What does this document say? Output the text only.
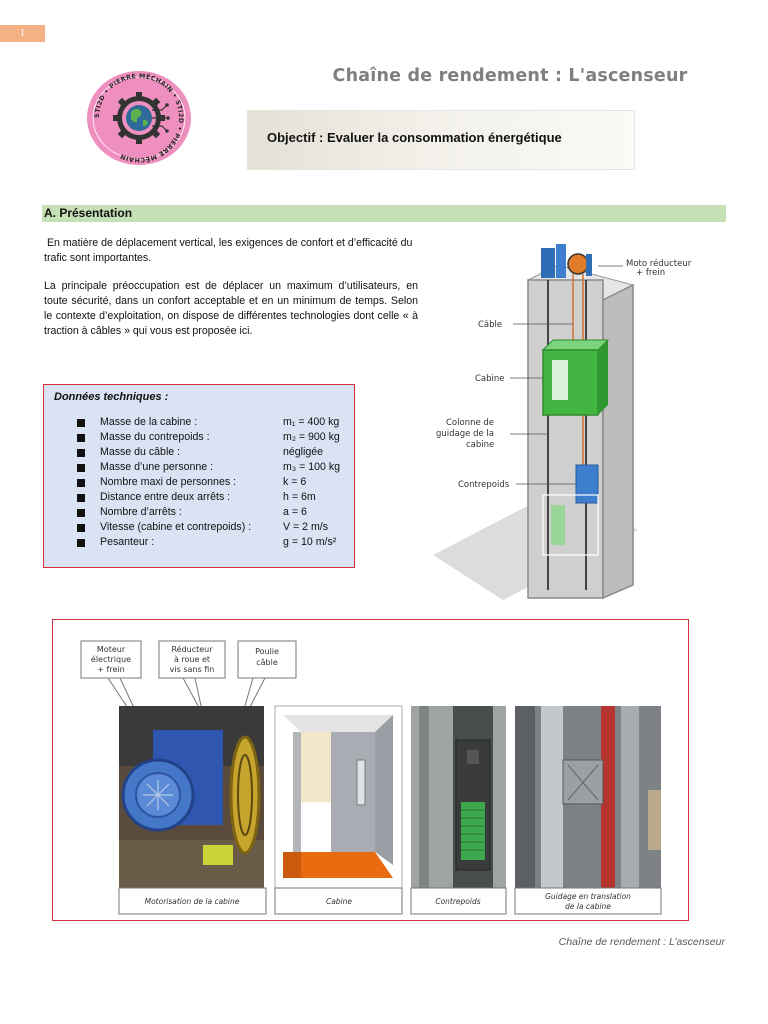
1
STI2D • PIERRE MÉCHAIN • STI2D • PIERRE MÉCHAIN
Chaîne de rendement : L'ascenseur
Objectif : Evaluer la consommation énergétique
A. Présentation
En matière de déplacement vertical, les exigences de confort et d’efficacité du trafic sont importantes.
La principale préoccupation est de déplacer un maximum d’utilisateurs, en toute sécurité, dans un confort acceptable et en un minimum de temps. Selon le contexte d’exploitation, on dispose de différentes technologies dont celle « à traction à câbles » qui vous est proposée ici.
Données techniques :
Masse de la cabine :	m₁ = 400 kg
Masse du contrepoids :	m₂ = 900 kg
Masse du câble :	négligée
Masse d’une personne :	m₃ = 100 kg
Nombre maxi de personnes :	k = 6
Distance entre deux arrêts :	h = 6m
Nombre d’arrêts :	a = 6
Vitesse (cabine et contrepoids) :	V = 2 m/s
Pesanteur :	g = 10 m/s²
Moto réducteur
+ frein
Câble
Cabine
Colonne de
guidage de la
cabine
Contrepoids
Moteur
électrique
+ frein
Réducteur
à roue et
vis sans fin
Poulie
câble
Motorisation de la cabine	Cabine	Contrepoids
Guidage en translation
de la cabine
Chaîne de rendement : L’ascenseur
